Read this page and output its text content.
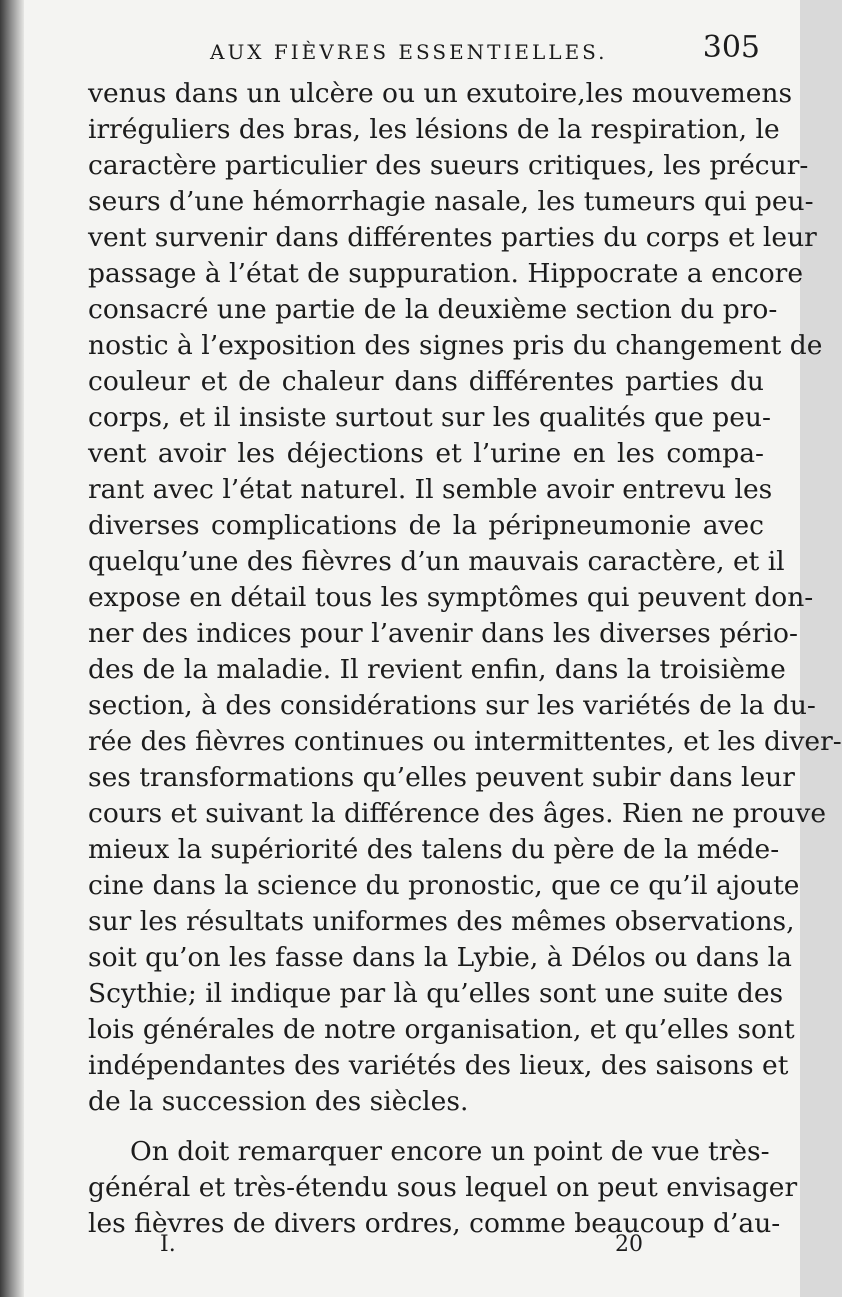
AUX FIÈVRES ESSENTIELLES.	305
venus dans un ulcère ou un exutoire,les mouvemens
irréguliers des bras, les lésions de la respiration, le
caractère particulier des sueurs critiques, les précur-
seurs d’une hémorrhagie nasale, les tumeurs qui peu-
vent survenir dans différentes parties du corps et leur
passage à l’état de suppuration. Hippocrate a encore
consacré une partie de la deuxième section du pro-
nostic à l’exposition des signes pris du changement de
couleur et de chaleur dans différentes parties du
corps, et il insiste surtout sur les qualités que peu-
vent avoir les déjections et l’urine en les compa-
rant avec l’état naturel. Il semble avoir entrevu les
diverses complications de la péripneumonie avec
quelqu’une des fièvres d’un mauvais caractère, et il
expose en détail tous les symptômes qui peuvent don-
ner des indices pour l’avenir dans les diverses pério-
des de la maladie. Il revient enfin, dans la troisième
section, à des considérations sur les variétés de la du-
rée des fièvres continues ou intermittentes, et les diver-
ses transformations qu’elles peuvent subir dans leur
cours et suivant la différence des âges. Rien ne prouve
mieux la supériorité des talens du père de la méde-
cine dans la science du pronostic, que ce qu’il ajoute
sur les résultats uniformes des mêmes observations,
soit qu’on les fasse dans la Lybie, à Délos ou dans la
Scythie; il indique par là qu’elles sont une suite des
lois générales de notre organisation, et qu’elles sont
indépendantes des variétés des lieux, des saisons et
de la succession des siècles.
On doit remarquer encore un point de vue très-
général et très-étendu sous lequel on peut envisager
les fièvres de divers ordres, comme beaucoup d’au-
I.	20
